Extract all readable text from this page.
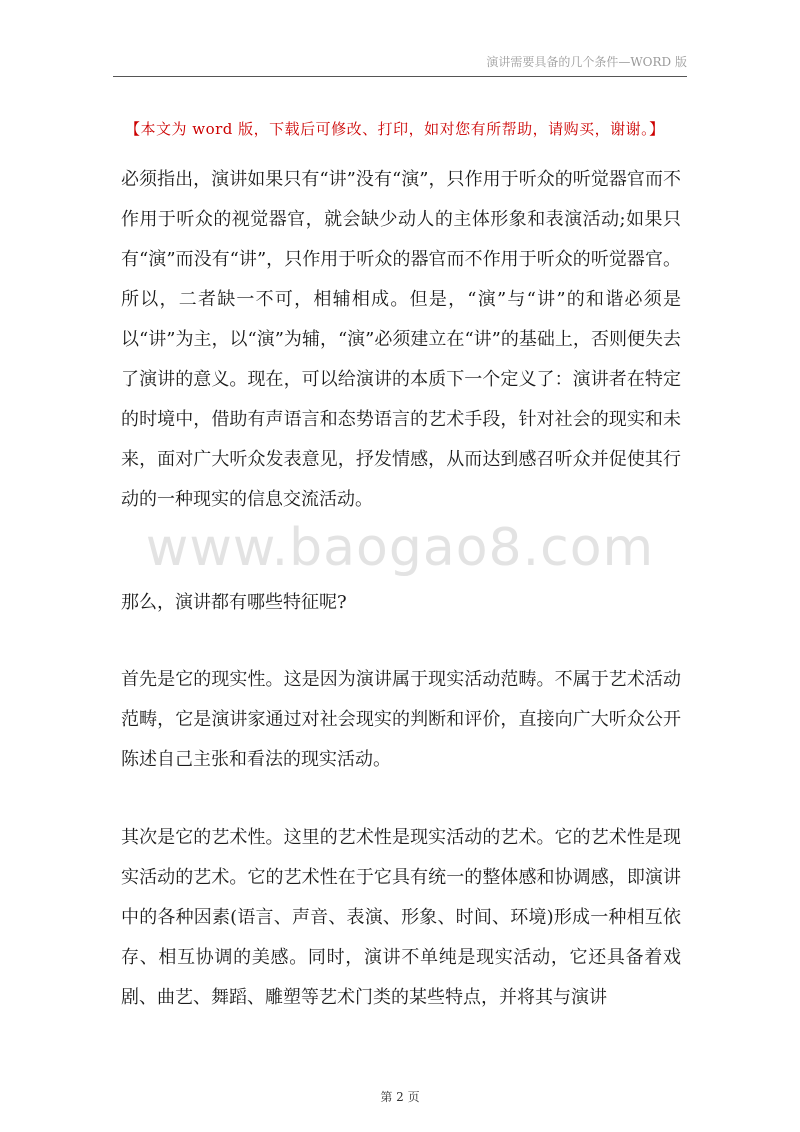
演讲需要具备的几个条件—WORD 版
【本文为 word 版，下载后可修改、打印，如对您有所帮助，请购买，谢谢。】

必须指出，演讲如果只有“讲”没有“演”，只作用于听众的听觉器官而不作用于听众的视觉器官，就会缺少动人的主体形象和表演活动;如果只有“演”而没有“讲”，只作用于听众的器官而不作用于听众的听觉器官。所以，二者缺一不可，相辅相成。但是，“演”与“讲”的和谐必须是以“讲”为主，以“演”为辅，“演”必须建立在“讲”的基础上，否则便失去了演讲的意义。现在，可以给演讲的本质下一个定义了：演讲者在特定的时境中，借助有声语言和态势语言的艺术手段，针对社会的现实和未来，面对广大听众发表意见，抒发情感，从而达到感召听众并促使其行动的一种现实的信息交流活动。

那么，演讲都有哪些特征呢?

首先是它的现实性。这是因为演讲属于现实活动范畴。不属于艺术活动范畴，它是演讲家通过对社会现实的判断和评价，直接向广大听众公开陈述自己主张和看法的现实活动。

其次是它的艺术性。这里的艺术性是现实活动的艺术。它的艺术性是现实活动的艺术。它的艺术性在于它具有统一的整体感和协调感，即演讲中的各种因素(语言、声音、表演、形象、时间、环境)形成一种相互依存、相互协调的美感。同时，演讲不单纯是现实活动，它还具备着戏剧、曲艺、舞蹈、雕塑等艺术门类的某些特点，并将其与演讲

www.baogao8.com
第 2 页
